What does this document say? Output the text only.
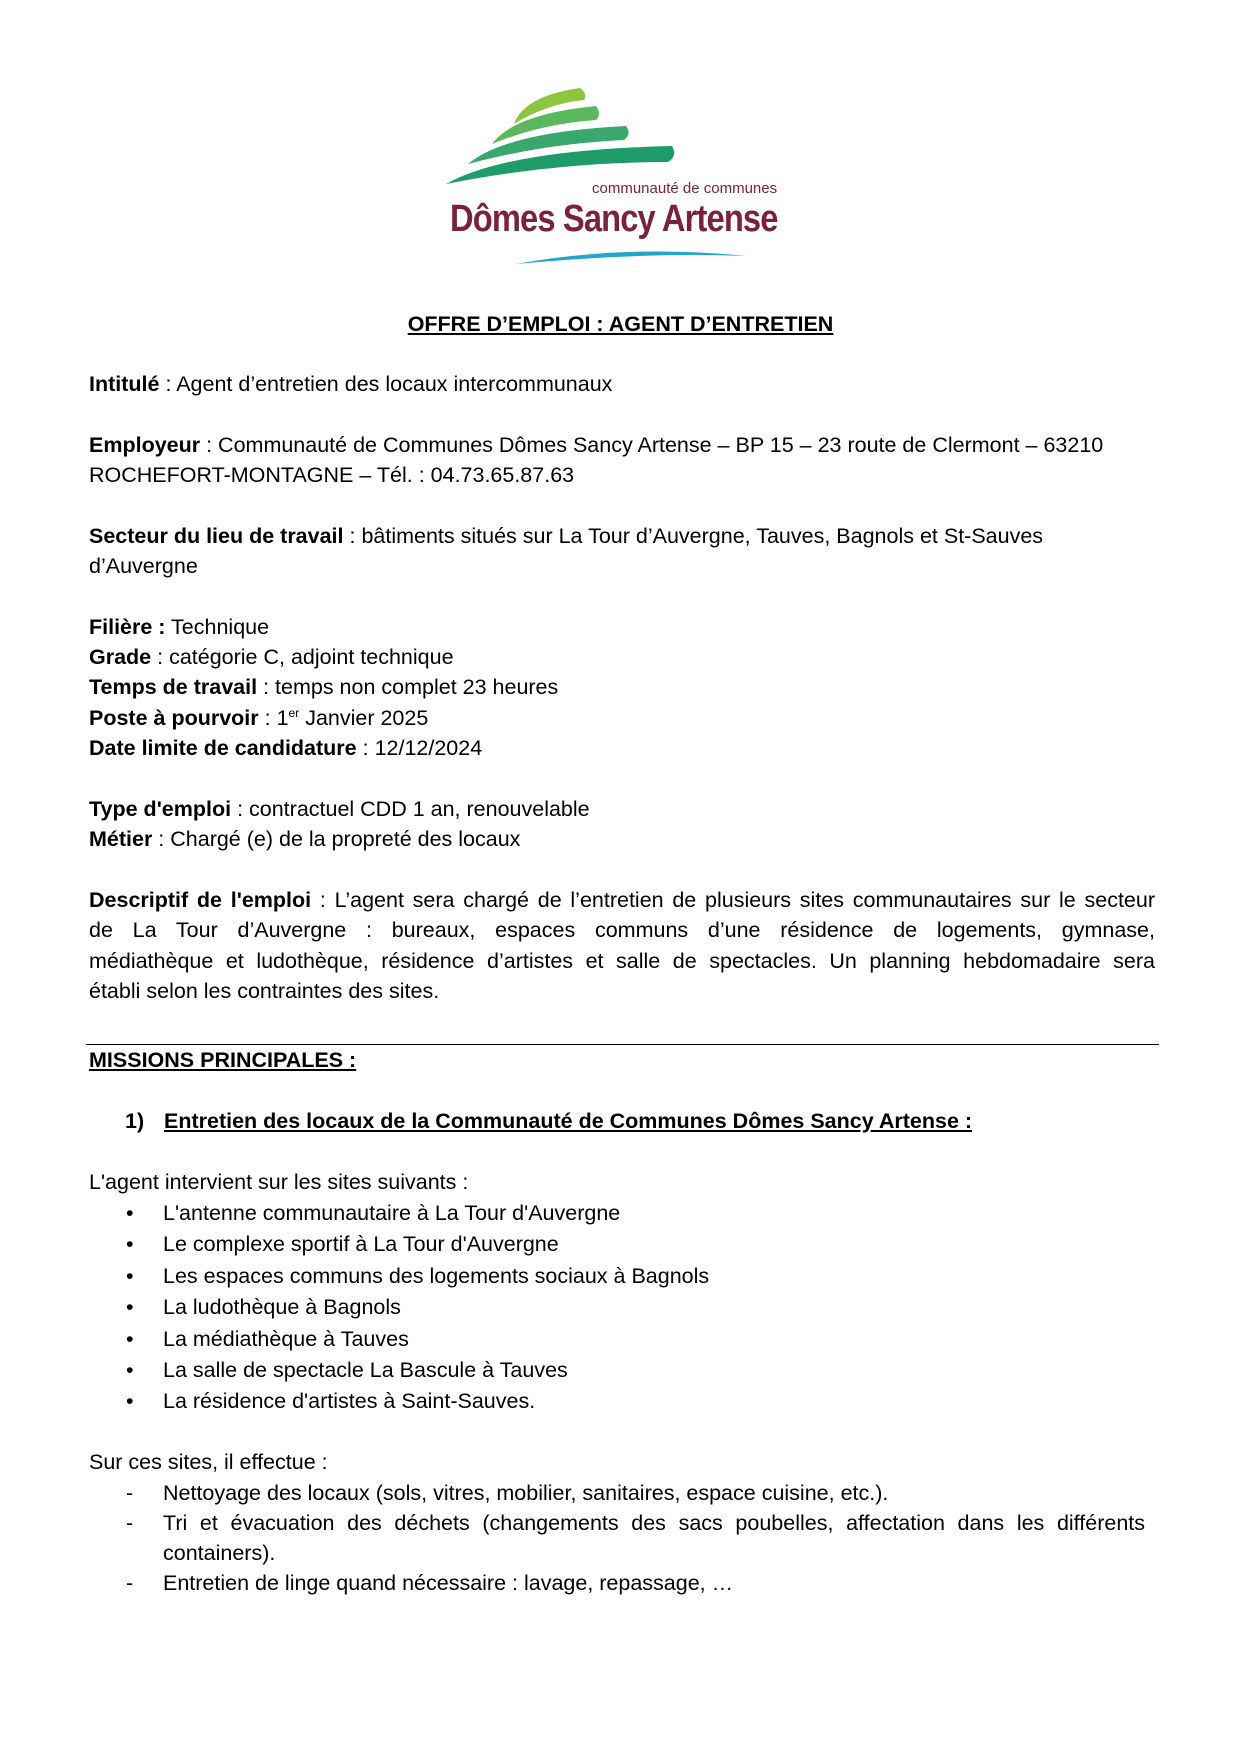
communauté de communes
Dômes Sancy Artense
OFFRE D’EMPLOI : AGENT D’ENTRETIEN
Intitulé : Agent d’entretien des locaux intercommunaux
Employeur : Communauté de Communes Dômes Sancy Artense – BP 15 – 23 route de Clermont – 63210
ROCHEFORT-MONTAGNE – Tél. : 04.73.65.87.63
Secteur du lieu de travail : bâtiments situés sur La Tour d’Auvergne, Tauves, Bagnols et St-Sauves
d’Auvergne
Filière : Technique
Grade : catégorie C, adjoint technique
Temps de travail : temps non complet 23 heures
Poste à pourvoir : 1er Janvier 2025
Date limite de candidature : 12/12/2024
Type d'emploi : contractuel CDD 1 an, renouvelable
Métier : Chargé (e) de la propreté des locaux
Descriptif de l'emploi : L’agent sera chargé de l’entretien de plusieurs sites communautaires sur le secteur
de La Tour d’Auvergne : bureaux, espaces communs d’une résidence de logements, gymnase,
médiathèque et ludothèque, résidence d’artistes et salle de spectacles. Un planning hebdomadaire sera
établi selon les contraintes des sites.
MISSIONS PRINCIPALES :
1) Entretien des locaux de la Communauté de Communes Dômes Sancy Artense :
L'agent intervient sur les sites suivants :
• L'antenne communautaire à La Tour d'Auvergne
• Le complexe sportif à La Tour d'Auvergne
• Les espaces communs des logements sociaux à Bagnols
• La ludothèque à Bagnols
• La médiathèque à Tauves
• La salle de spectacle La Bascule à Tauves
• La résidence d'artistes à Saint-Sauves.
Sur ces sites, il effectue :
- Nettoyage des locaux (sols, vitres, mobilier, sanitaires, espace cuisine, etc.).
- Tri et évacuation des déchets (changements des sacs poubelles, affectation dans les différents
containers).
- Entretien de linge quand nécessaire : lavage, repassage, …
